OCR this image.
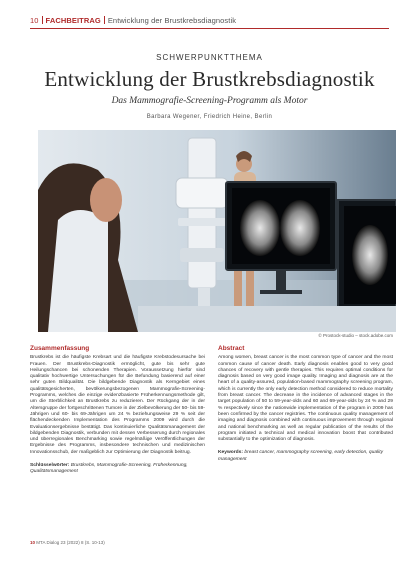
10 FACHBEITRAG Entwicklung der Brustkrebsdiagnostik
SCHWERPUNKTTHEMA
Entwicklung der Brustkrebsdiagnostik
Das Mammografie-Screening-Programm als Motor
Barbara Wegener, Friedrich Heine, Berlin
© Prostock-studio – stock.adobe.com
Zusammenfassung

Brustkrebs ist die häufigste Krebsart und die häufigste Krebstodesursache bei Frauen. Der Brustkrebs-Diagnostik ermöglicht, gute bis sehr gute Heilungschancen bei schonenden Therapien. Voraussetzung hierfür sind qualitativ hochwertige Untersuchungen für die Befundung basierend auf einer sehr guten Bildqualität. Die bildgebende Diagnostik als Kerngebiet eines qualitätsgesicherten, bevölkerungsbezogenen Mammografie-Screening-Programms, welches die einzige evidenzbasierte Früherkennungsmethode gilt, um die Sterblichkeit an Brustkrebs zu reduzieren. Der Rückgang der in der Altersgruppe der fortgeschrittenen Tumore in der Zielbevölkerung der 50- bis 59-Jährigen und 60- bis 69-Jährigen um 24 % beziehungsweise 29 % seit der flächendeckenden Implementation des Programms 2009 wird durch die Evaluationsergebnisse bestätigt. Das kontinuierliche Qualitätsmanagement der bildgebenden Diagnostik, verbunden mit dessen Verbesserung durch regionales und überregionales Benchmarking sowie regelmäßige Veröffentlichungen der Ergebnisse des Programms, insbesondere technischen und medizinischen Innovationsschub, der maßgeblich zur Optimierung der Diagnostik beitrug.

Schlüsselwörter: Brustkrebs, Mammografie-Screening, Früherkennung, Qualitätsmanagement
Abstract

Among women, breast cancer is the most common type of cancer and the most common cause of cancer death. Early diagnosis enables good to very good chances of recovery with gentle therapies. This requires optimal conditions for diagnosis based on very good image quality. Imaging and diagnosis are at the heart of a quality-assured, population-based mammography screening program, which is currently the only early detection method considered to reduce mortality from breast cancer. The decrease in the incidence of advanced stages in the target population of 50 to 59-year-olds and 60 and 69-year-olds by 24 % and 29 % respectively since the nationwide implementation of the program in 2009 has been confirmed by the cancer registries. The continuous quality management of imaging and diagnosis combined with continuous improvement through regional and national benchmarking as well as regular publication of the results of the program initiated a technical and medical innovation boost that contributed substantially to the optimization of diagnosis.

Keywords: breast cancer, mammography screening, early detection, quality management
10 MTA Dialog 23 (2022) 8 (S. 10-13)
